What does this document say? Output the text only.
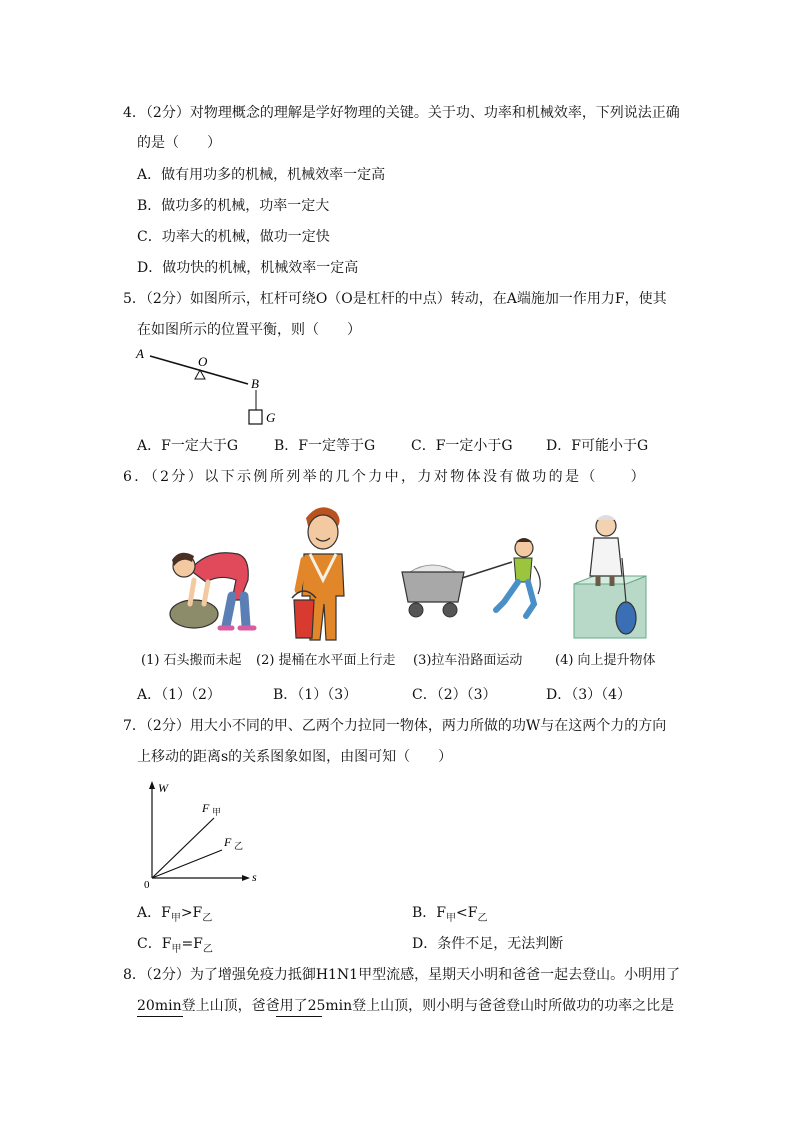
4．（2分）对物理概念的理解是学好物理的关键。关于功、功率和机械效率，下列说法正确
的是（　　）
A．做有用功多的机械，机械效率一定高
B．做功多的机械，功率一定大
C．功率大的机械，做功一定快
D．做功快的机械，机械效率一定高
5．（2分）如图所示，杠杆可绕O（O是杠杆的中点）转动，在A端施加一作用力F，使其
在如图所示的位置平衡，则（　　）
A
O
B
G
A．F一定大于G	B．F一定等于G	C．F一定小于G D．F可能小于G
6．（2分）以下示例所列举的几个力中，力对物体没有做功的是（　　）
(1) 石头搬而未起 (2) 提桶在水平面上行走 (3)拉车沿路面运动	(4) 向上提升物体
A．（1）（2）	B．（1）（3）	C．（2）（3）	D．（3）（4）
7．（2分）用大小不同的甲、乙两个力拉同一物体，两力所做的功W与在这两个力的方向
上移动的距离s的关系图象如图，由图可知（　　）
W
s
0
F 甲
F 乙
A．$F_甲>F_乙$	B．$F_甲<F_乙$
C．$F_甲=F_乙$	D．条件不足，无法判断
8．（2分）为了增强免疫力抵御H1N1甲型流感，星期天小明和爸爸一起去登山。小明用了
20min登上山顶，爸爸用了25min登上山顶，则小明与爸爸登山时所做功的功率之比是
